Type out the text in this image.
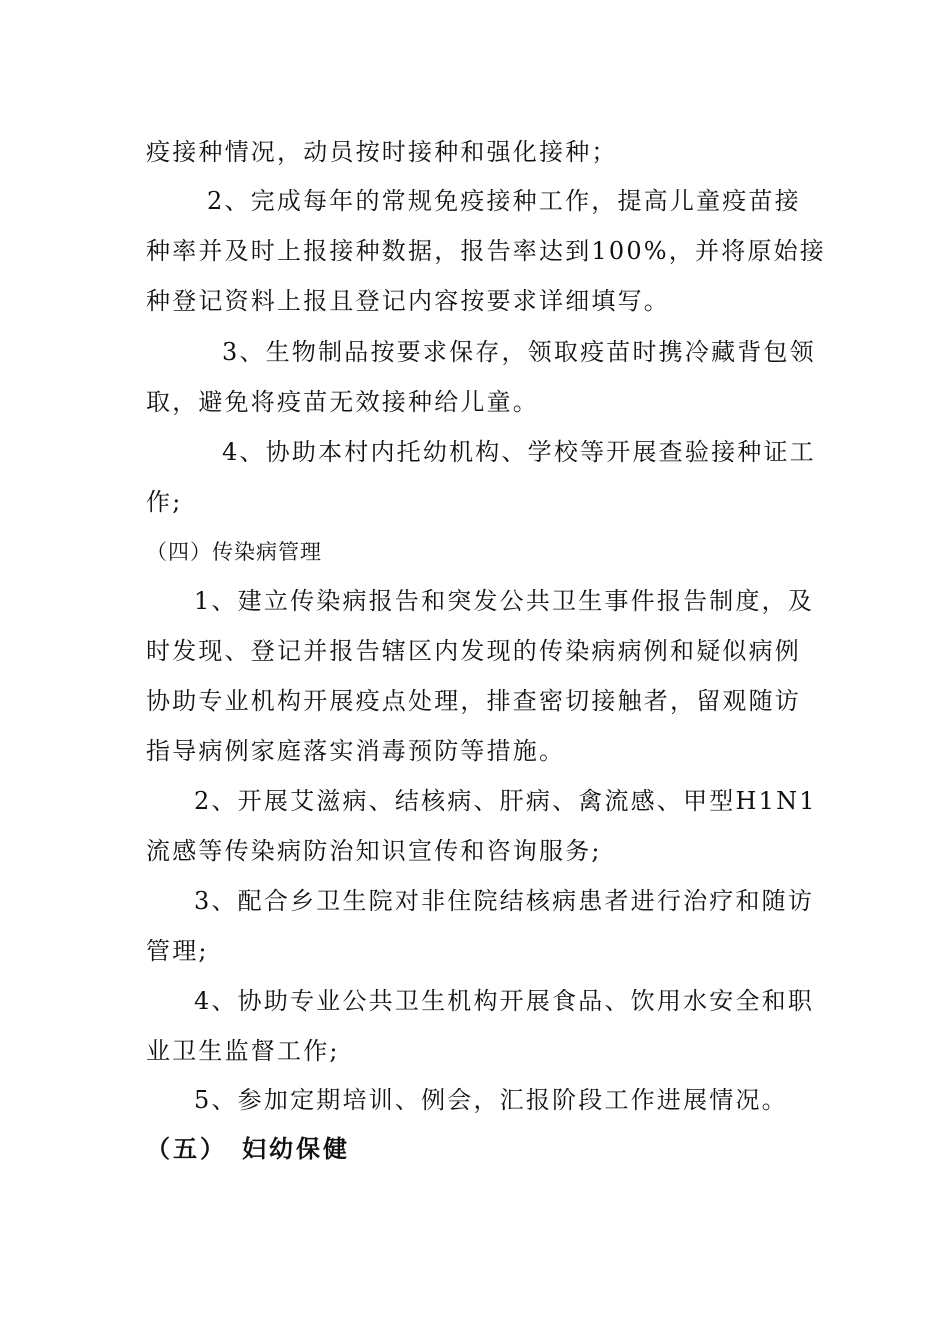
疫接种情况，动员按时接种和强化接种；

2、完成每年的常规免疫接种工作，提高儿童疫苗接

种率并及时上报接种数据，报告率达到100%，并将原始接

种登记资料上报且登记内容按要求详细填写。

3、生物制品按要求保存，领取疫苗时携冷藏背包领

取，避免将疫苗无效接种给儿童。

4、协助本村内托幼机构、学校等开展查验接种证工

作;

（四）传染病管理

1、建立传染病报告和突发公共卫生事件报告制度，及

时发现、登记并报告辖区内发现的传染病病例和疑似病例

协助专业机构开展疫点处理，排查密切接触者，留观随访

指导病例家庭落实消毒预防等措施。

2、开展艾滋病、结核病、肝病、禽流感、甲型H1N1

流感等传染病防治知识宣传和咨询服务;

3、配合乡卫生院对非住院结核病患者进行治疗和随访

管理;

4、协助专业公共卫生机构开展食品、饮用水安全和职

业卫生监督工作;

5、参加定期培训、例会，汇报阶段工作进展情况。

（五）　妇幼保健
